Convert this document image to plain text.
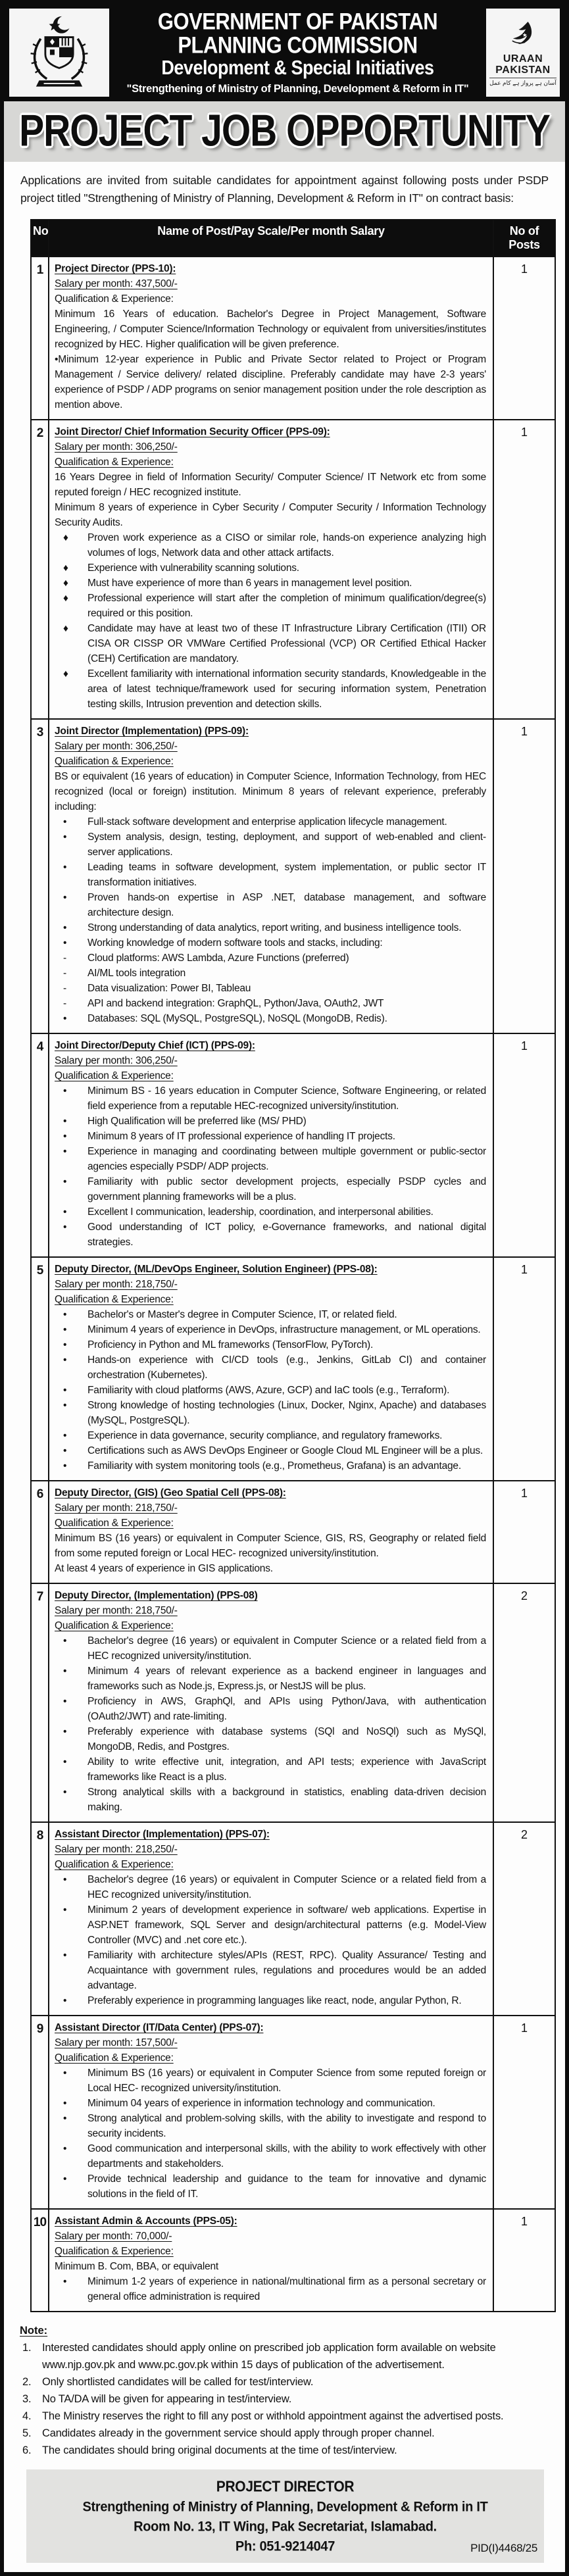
GOVERNMENT OF PAKISTAN
PLANNING COMMISSION
Development & Special Initiatives
"Strengthening of Ministry of Planning, Development & Reform in IT"
URAAN
PAKISTAN
آسان ہے پرواز ہے کام عمل
PROJECT JOB OPPORTUNITY
Applications are invited from suitable candidates for appointment against following posts under PSDP project titled "Strengthening of Ministry of Planning, Development & Reform in IT" on contract basis:
No	Name of Post/Pay Scale/Per month Salary	No of Posts
1	Project Director (PPS-10):
Salary per month: 437,500/-
Qualification & Experience:
Minimum 16 Years of education. Bachelor's Degree in Project Management, Software Engineering, / Computer Science/Information Technology or equivalent from universities/institutes recognized by HEC. Higher qualification will be given preference.
•Minimum 12-year experience in Public and Private Sector related to Project or Program Management / Service delivery/ related discipline. Preferably candidate may have 2-3 years' experience of PSDP / ADP programs on senior management position under the role description as mention above.	1
2	Joint Director/ Chief Information Security Officer (PPS-09):
Salary per month: 306,250/-
Qualification & Experience:
16 Years Degree in field of Information Security/ Computer Science/ IT Network etc from some reputed foreign / HEC recognized institute.
Minimum 8 years of experience in Cyber Security / Computer Security / Information Technology Security Audits.
♦	Proven work experience as a CISO or similar role, hands-on experience analyzing high volumes of logs, Network data and other attack artifacts.
♦	Experience with vulnerability scanning solutions.
♦	Must have experience of more than 6 years in management level position.
♦	Professional experience will start after the completion of minimum qualification/degree(s) required or this position.
♦	Candidate may have at least two of these IT Infrastructure Library Certification (ITII) OR CISA OR CISSP OR VMWare Certified Professional (VCP) OR Certified Ethical Hacker (CEH) Certification are mandatory.
♦	Excellent familiarity with international information security standards, Knowledgeable in the area of latest technique/framework used for securing information system, Penetration testing skills, Intrusion prevention and detection skills.
	1
3	Joint Director (Implementation) (PPS-09):
Salary per month: 306,250/-
Qualification & Experience:
BS or equivalent (16 years of education) in Computer Science, Information Technology, from HEC recognized (local or foreign) institution. Minimum 8 years of relevant experience, preferably including:
•	Full-stack software development and enterprise application lifecycle management.
•	System analysis, design, testing, deployment, and support of web-enabled and client-server applications.
•	Leading teams in software development, system implementation, or public sector IT transformation initiatives.
•	Proven hands-on expertise in ASP .NET, database management, and software architecture design.
•	Strong understanding of data analytics, report writing, and business intelligence tools.
•	Working knowledge of modern software tools and stacks, including:
-	Cloud platforms: AWS Lambda, Azure Functions (preferred)
-	AI/ML tools integration
-	Data visualization: Power BI, Tableau
-	API and backend integration: GraphQL, Python/Java, OAuth2, JWT
•	Databases: SQL (MySQL, PostgreSQL), NoSQL (MongoDB, Redis).
	1
4	Joint Director/Deputy Chief (ICT) (PPS-09):
Salary per month: 306,250/-
Qualification & Experience:
•	Minimum BS - 16 years education in Computer Science, Software Engineering, or related field experience from a reputable HEC-recognized university/institution.
•	High Qualification will be preferred like (MS/ PHD)
•	Minimum 8 years of IT professional experience of handling IT projects.
•	Experience in managing and coordinating between multiple government or public-sector agencies especially PSDP/ ADP projects.
•	Familiarity with public sector development projects, especially PSDP cycles and government planning frameworks will be a plus.
•	Excellent I communication, leadership, coordination, and interpersonal abilities.
•	Good understanding of ICT policy, e-Governance frameworks, and national digital strategies.
	1
5	Deputy Director, (ML/DevOps Engineer, Solution Engineer) (PPS-08):
Salary per month: 218,750/-
Qualification & Experience:
•	Bachelor's or Master's degree in Computer Science, IT, or related field.
•	Minimum 4 years of experience in DevOps, infrastructure management, or ML operations.
•	Proficiency in Python and ML frameworks (TensorFlow, PyTorch).
•	Hands-on experience with CI/CD tools (e.g., Jenkins, GitLab CI) and container orchestration (Kubernetes).
•	Familiarity with cloud platforms (AWS, Azure, GCP) and IaC tools (e.g., Terraform).
•	Strong knowledge of hosting technologies (Linux, Docker, Nginx, Apache) and databases (MySQL, PostgreSQL).
•	Experience in data governance, security compliance, and regulatory frameworks.
•	Certifications such as AWS DevOps Engineer or Google Cloud ML Engineer will be a plus.
•	Familiarity with system monitoring tools (e.g., Prometheus, Grafana) is an advantage.
	1
6	Deputy Director, (GIS) (Geo Spatial Cell (PPS-08):
Salary per month: 218,750/-
Qualification & Experience:
Minimum BS (16 years) or equivalent in Computer Science, GIS, RS, Geography or related field from some reputed foreign or Local HEC- recognized university/institution.
At least 4 years of experience in GIS applications.	1
7	Deputy Director, (Implementation) (PPS-08)
Salary per month: 218,750/-
Qualification & Experience:
•	Bachelor's degree (16 years) or equivalent in Computer Science or a related field from a HEC recognized university/institution.
•	Minimum 4 years of relevant experience as a backend engineer in languages and frameworks such as Node.js, Express.js, or NestJS will be plus.
•	Proficiency in AWS, GraphQl, and APIs using Python/Java, with authentication (OAuth2/JWT) and rate-limiting.
•	Preferably experience with database systems (SQl and NoSQl) such as MySQl, MongoDB, Redis, and Postgres.
•	Ability to write effective unit, integration, and API tests; experience with JavaScript frameworks like React is a plus.
•	Strong analytical skills with a background in statistics, enabling data-driven decision making.
	2
8	Assistant Director (Implementation) (PPS-07):
Salary per month: 218,250/-
Qualification & Experience:
•	Bachelor's degree (16 years) or equivalent in Computer Science or a related field from a HEC recognized university/institution.
•	Minimum 2 years of development experience in software/ web applications. Expertise in ASP.NET framework, SQL Server and design/architectural patterns (e.g. Model-View Controller (MVC) and .net core etc.).
•	Familiarity with architecture styles/APIs (REST, RPC). Quality Assurance/ Testing and Acquaintance with government rules, regulations and procedures would be an added advantage.
•	Preferably experience in programming languages like react, node, angular Python, R.
	2
9	Assistant Director (IT/Data Center) (PPS-07):
Salary per month: 157,500/-
Qualification & Experience:
•	Minimum BS (16 years) or equivalent in Computer Science from some reputed foreign or Local HEC- recognized university/institution.
•	Minimum 04 years of experience in information technology and communication.
•	Strong analytical and problem-solving skills, with the ability to investigate and respond to security incidents.
•	Good communication and interpersonal skills, with the ability to work effectively with other departments and stakeholders.
•	Provide technical leadership and guidance to the team for innovative and dynamic solutions in the field of IT.
	1
10	Assistant Admin & Accounts (PPS-05):
Salary per month: 70,000/-
Qualification & Experience:
Minimum B. Com, BBA, or equivalent
•	Minimum 1-2 years of experience in national/multinational firm as a personal secretary or general office administration is required
	1
Note:
1.	Interested candidates should apply online on prescribed job application form available on website www.njp.gov.pk and www.pc.gov.pk within 15 days of publication of the advertisement.
2.	Only shortlisted candidates will be called for test/interview.
3.	No TA/DA will be given for appearing in test/interview.
4.	The Ministry reserves the right to fill any post or withhold appointment against the advertised posts.
5.	Candidates already in the government service should apply through proper channel.
6.	The candidates should bring original documents at the time of test/interview.
PROJECT DIRECTOR
Strengthening of Ministry of Planning, Development & Reform in IT
Room No. 13, IT Wing, Pak Secretariat, Islamabad.
Ph: 051-9214047	PID(I)4468/25
